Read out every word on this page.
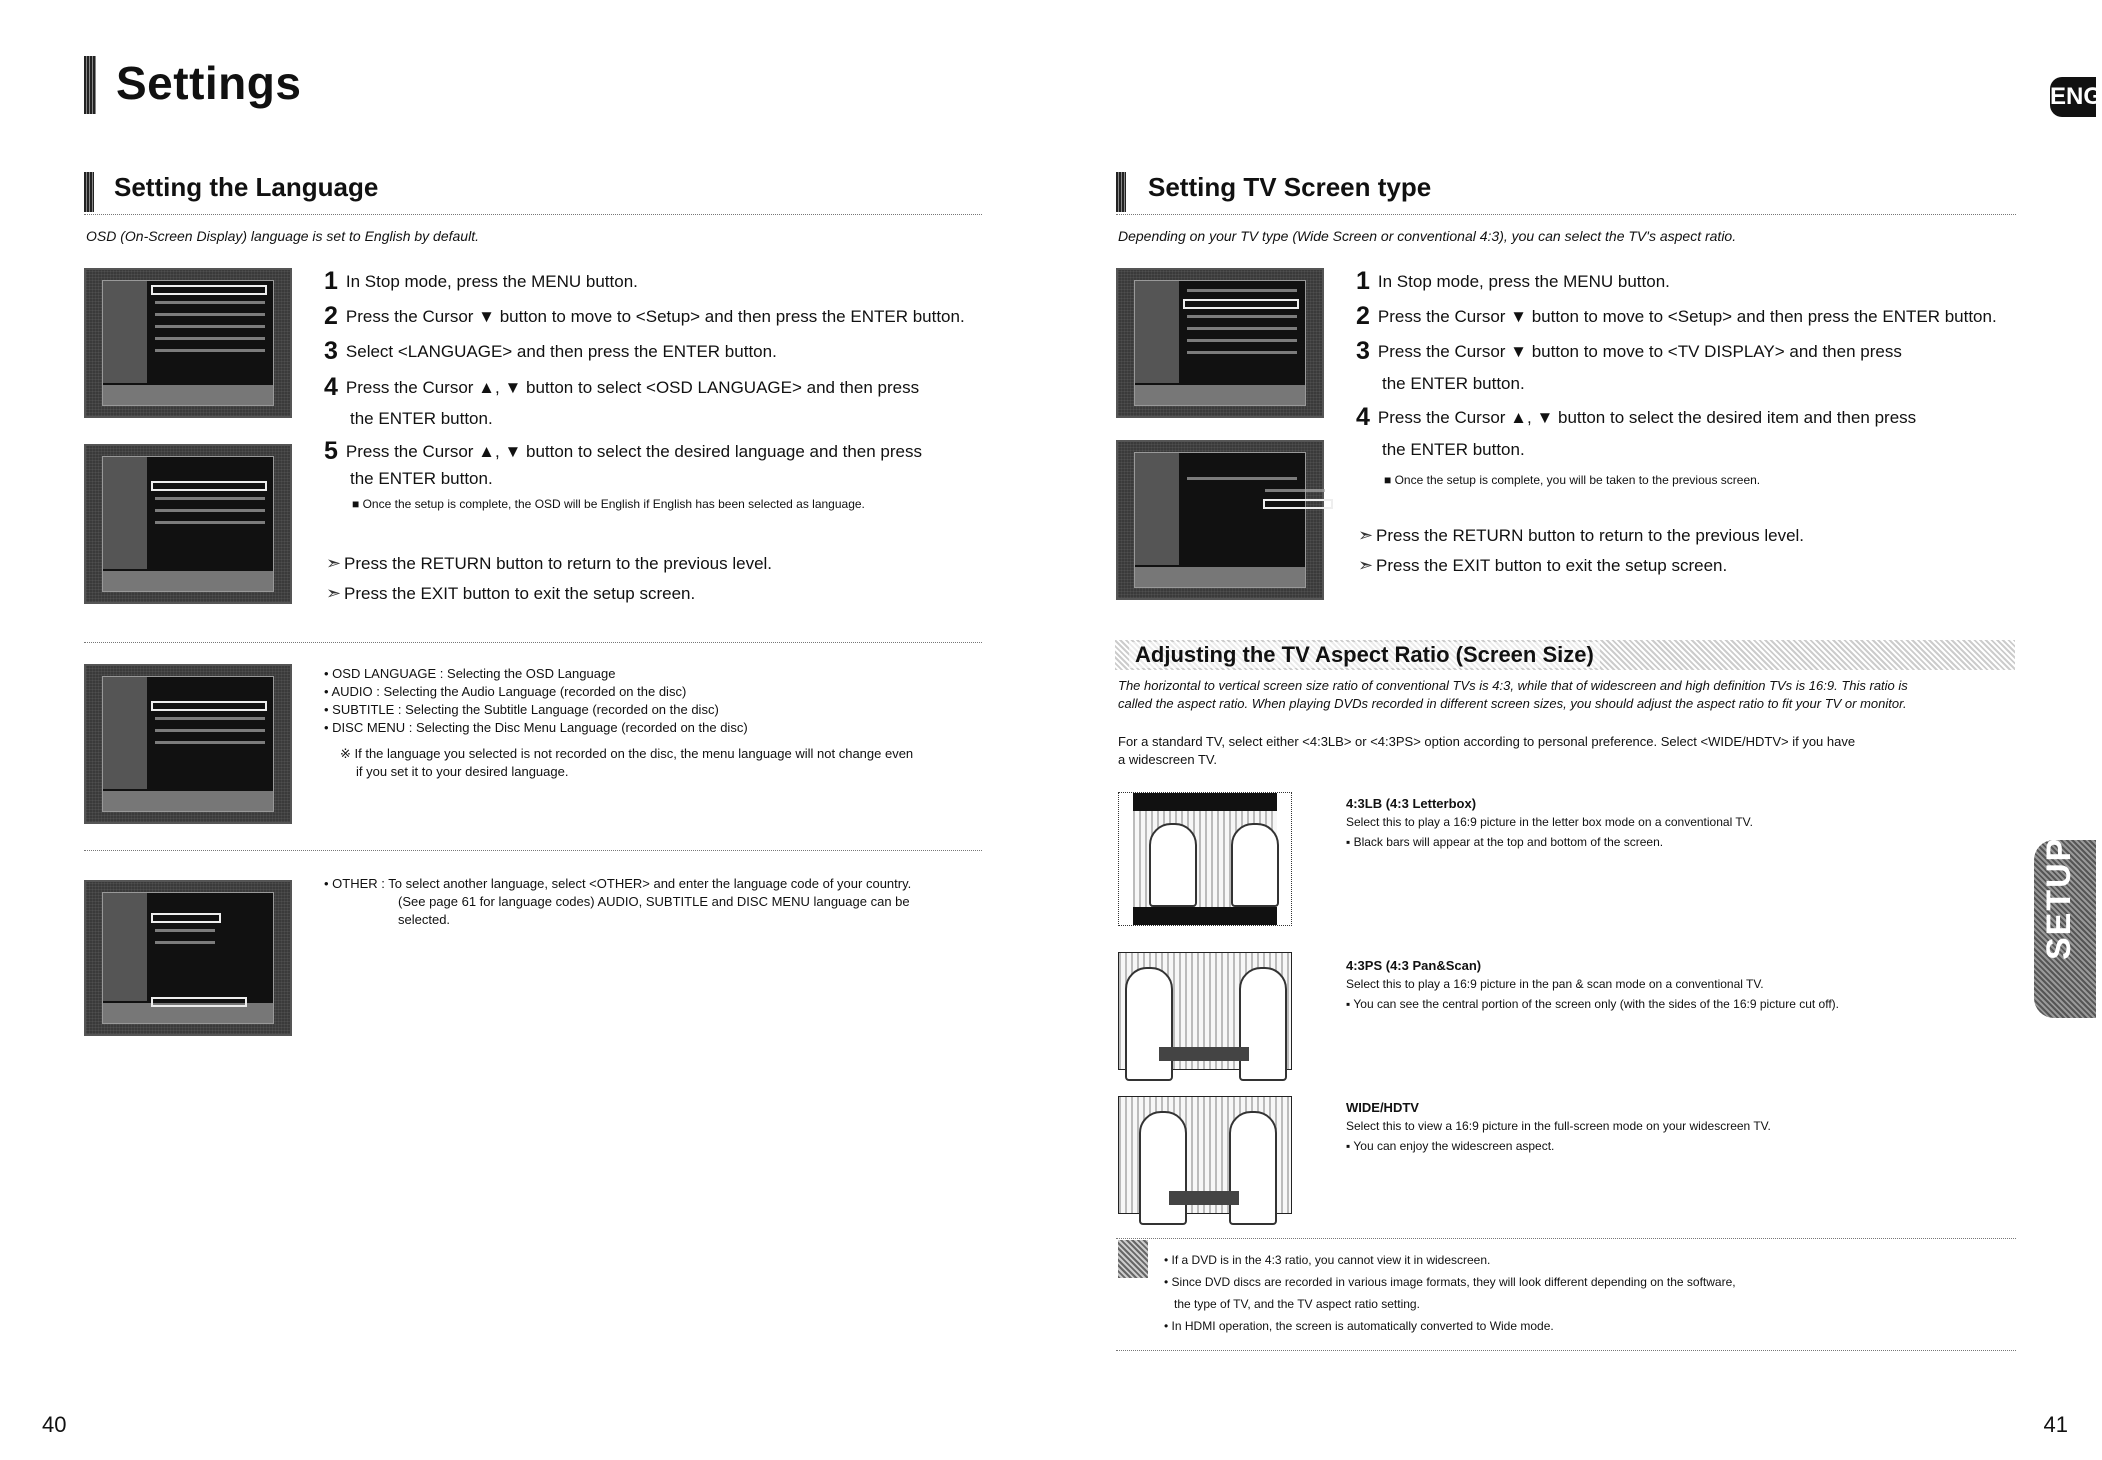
Settings	ENG
SETUP
Setting the Language
OSD (On-Screen Display) language is set to English by default.
1 In Stop mode, press the MENU button.
2 Press the Cursor ▼ button to move to <Setup> and then press the ENTER button.
3 Select <LANGUAGE> and then press the ENTER button.
4 Press the Cursor ▲, ▼ button to select <OSD LANGUAGE> and then press
the ENTER button.
5 Press the Cursor ▲, ▼ button to select the desired language and then press
the ENTER button.
■ Once the setup is complete, the OSD will be English if English has been selected as language.
➣ Press the RETURN button to return to the previous level.
➣ Press the EXIT button to exit the setup screen.
• OSD LANGUAGE : Selecting the OSD Language
• AUDIO : Selecting the Audio Language (recorded on the disc)
• SUBTITLE : Selecting the Subtitle Language (recorded on the disc)
• DISC MENU : Selecting the Disc Menu Language (recorded on the disc)
※ If the language you selected is not recorded on the disc, the menu language will not change even
if you set it to your desired language.
• OTHER : To select another language, select <OTHER> and enter the language code of your country.
(See page 61 for language codes) AUDIO, SUBTITLE and DISC MENU language can be
selected.
40
Setting TV Screen type
Depending on your TV type (Wide Screen or conventional 4:3), you can select the TV's aspect ratio.
1 In Stop mode, press the MENU button.
2 Press the Cursor ▼ button to move to <Setup> and then press the ENTER button.
3 Press the Cursor ▼ button to move to <TV DISPLAY> and then press
the ENTER button.
4 Press the Cursor ▲, ▼ button to select the desired item and then press
the ENTER button.
■ Once the setup is complete, you will be taken to the previous screen.
➣ Press the RETURN button to return to the previous level.
➣ Press the EXIT button to exit the setup screen.
Adjusting the TV Aspect Ratio (Screen Size)
The horizontal to vertical screen size ratio of conventional TVs is 4:3, while that of widescreen and high definition TVs is 16:9. This ratio is
called the aspect ratio. When playing DVDs recorded in different screen sizes, you should adjust the aspect ratio to fit your TV or monitor.
For a standard TV, select either <4:3LB> or <4:3PS> option according to personal preference. Select <WIDE/HDTV> if you have
a widescreen TV.
4:3LB (4:3 Letterbox)
Select this to play a 16:9 picture in the letter box mode on a conventional TV.
▪ Black bars will appear at the top and bottom of the screen.
4:3PS (4:3 Pan&Scan)
Select this to play a 16:9 picture in the pan & scan mode on a conventional TV.
▪ You can see the central portion of the screen only (with the sides of the 16:9 picture cut off).
WIDE/HDTV
Select this to view a 16:9 picture in the full-screen mode on your widescreen TV.
▪ You can enjoy the widescreen aspect.
• If a DVD is in the 4:3 ratio, you cannot view it in widescreen.
• Since DVD discs are recorded in various image formats, they will look different depending on the software,
the type of TV, and the TV aspect ratio setting.
• In HDMI operation, the screen is automatically converted to Wide mode.
41
